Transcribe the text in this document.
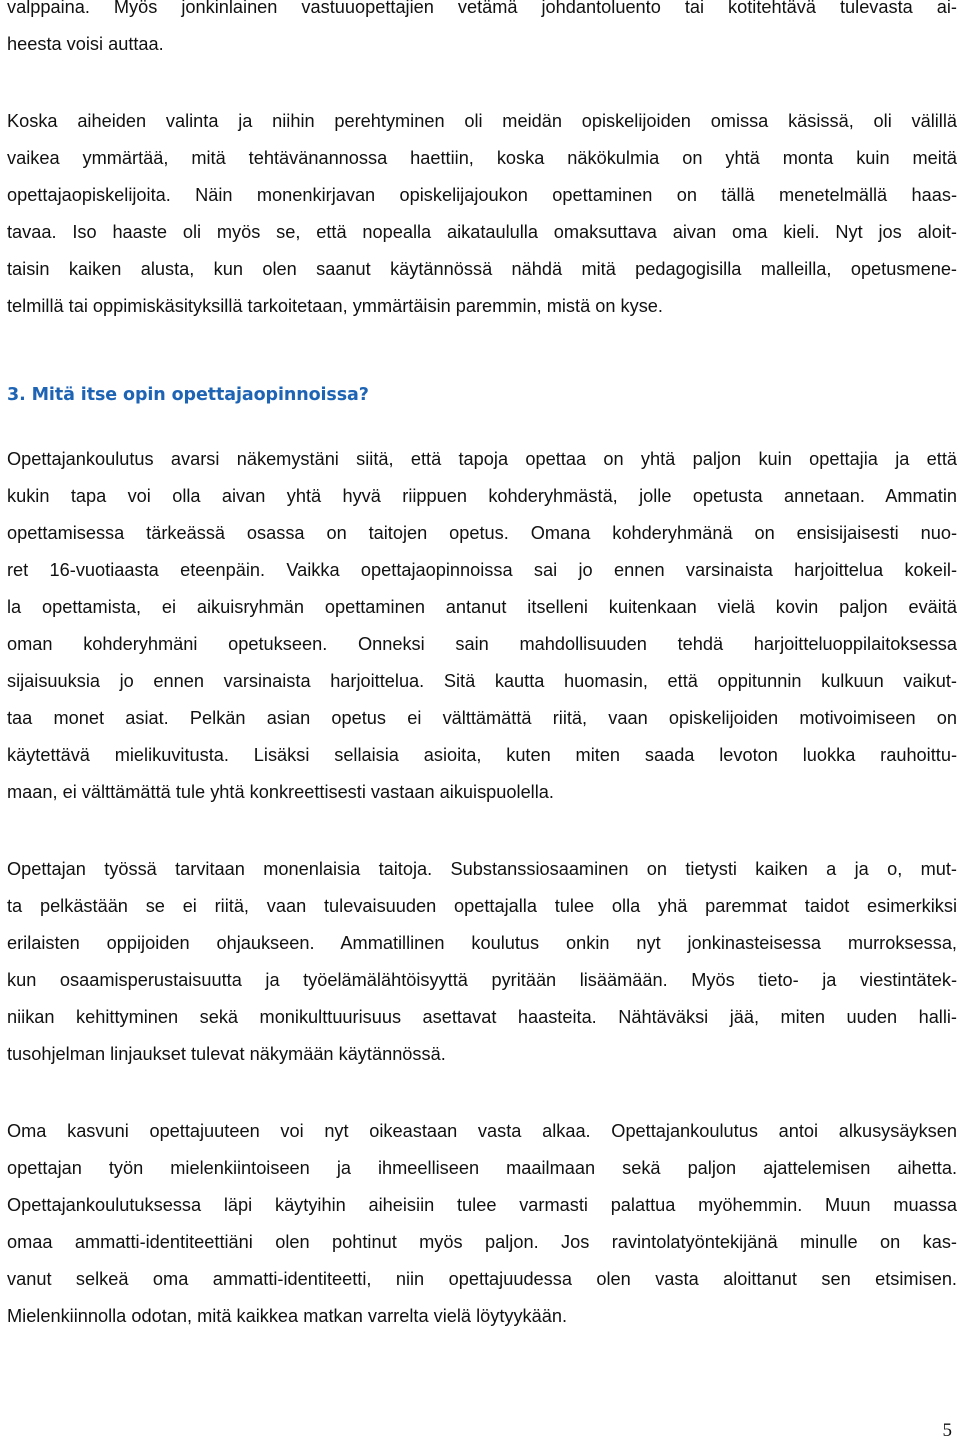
valppaina. Myös jonkinlainen vastuuopettajien vetämä johdantoluento tai kotitehtävä tulevasta ai-
heesta voisi auttaa.
Koska aiheiden valinta ja niihin perehtyminen oli meidän opiskelijoiden omissa käsissä, oli välillä
vaikea ymmärtää, mitä tehtävänannossa haettiin, koska näkökulmia on yhtä monta kuin meitä
opettajaopiskelijoita. Näin monenkirjavan opiskelijajoukon opettaminen on tällä menetelmällä haas-
tavaa. Iso haaste oli myös se, että nopealla aikataululla omaksuttava aivan oma kieli. Nyt jos aloit-
taisin kaiken alusta, kun olen saanut käytännössä nähdä mitä pedagogisilla malleilla, opetusmene-
telmillä tai oppimiskäsityksillä tarkoitetaan, ymmärtäisin paremmin, mistä on kyse.
3. Mitä itse opin opettajaopinnoissa?
Opettajankoulutus avarsi näkemystäni siitä, että tapoja opettaa on yhtä paljon kuin opettajia ja että
kukin tapa voi olla aivan yhtä hyvä riippuen kohderyhmästä, jolle opetusta annetaan. Ammatin
opettamisessa tärkeässä osassa on taitojen opetus. Omana kohderyhmänä on ensisijaisesti nuo-
ret 16-vuotiaasta eteenpäin. Vaikka opettajaopinnoissa sai jo ennen varsinaista harjoittelua kokeil-
la opettamista, ei aikuisryhmän opettaminen antanut itselleni kuitenkaan vielä kovin paljon eväitä
oman kohderyhmäni opetukseen. Onneksi sain mahdollisuuden tehdä harjoitteluoppilaitoksessa
sijaisuuksia jo ennen varsinaista harjoittelua. Sitä kautta huomasin, että oppitunnin kulkuun vaikut-
taa monet asiat. Pelkän asian opetus ei välttämättä riitä, vaan opiskelijoiden motivoimiseen on
käytettävä mielikuvitusta. Lisäksi sellaisia asioita, kuten miten saada levoton luokka rauhoittu-
maan, ei välttämättä tule yhtä konkreettisesti vastaan aikuispuolella.
Opettajan työssä tarvitaan monenlaisia taitoja. Substanssiosaaminen on tietysti kaiken a ja o, mut-
ta pelkästään se ei riitä, vaan tulevaisuuden opettajalla tulee olla yhä paremmat taidot esimerkiksi
erilaisten oppijoiden ohjaukseen. Ammatillinen koulutus onkin nyt jonkinasteisessa murroksessa,
kun osaamisperustaisuutta ja työelämälähtöisyyttä pyritään lisäämään. Myös tieto- ja viestintätek-
niikan kehittyminen sekä monikulttuurisuus asettavat haasteita. Nähtäväksi jää, miten uuden halli-
tusohjelman linjaukset tulevat näkymään käytännössä.
Oma kasvuni opettajuuteen voi nyt oikeastaan vasta alkaa. Opettajankoulutus antoi alkusysäyksen
opettajan työn mielenkiintoiseen ja ihmeelliseen maailmaan sekä paljon ajattelemisen aihetta.
Opettajankoulutuksessa läpi käytyihin aiheisiin tulee varmasti palattua myöhemmin. Muun muassa
omaa ammatti-identiteettiäni olen pohtinut myös paljon. Jos ravintolatyöntekijänä minulle on kas-
vanut selkeä oma ammatti-identiteetti, niin opettajuudessa olen vasta aloittanut sen etsimisen.
Mielenkiinnolla odotan, mitä kaikkea matkan varrelta vielä löytyykään.
5
